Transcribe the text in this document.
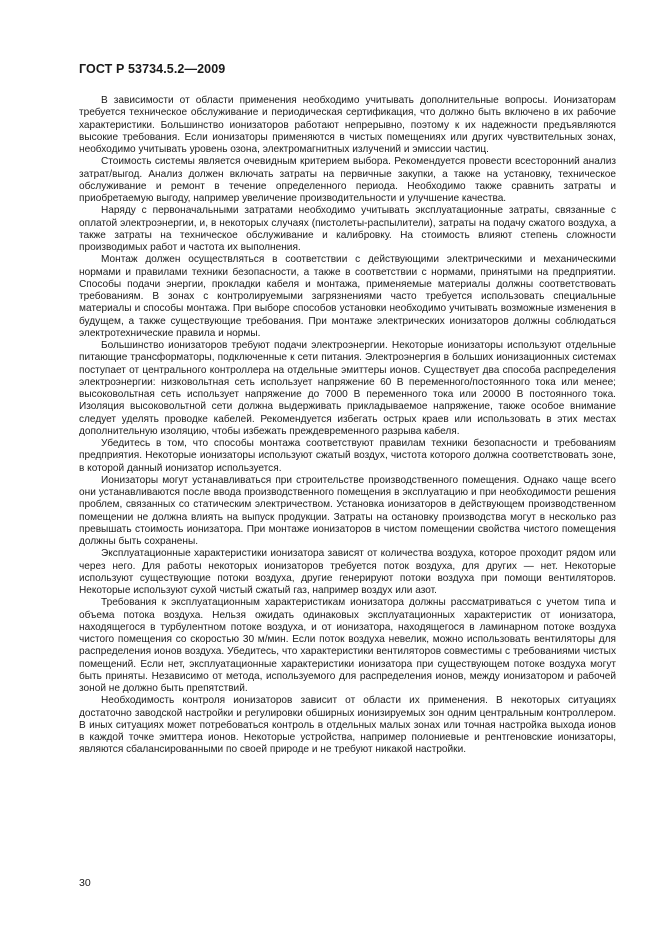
ГОСТ Р 53734.5.2—2009

В зависимости от области применения необходимо учитывать дополнительные вопросы. Ионизаторам требуется техническое обслуживание и периодическая сертификация, что должно быть включено в их рабочие характеристики. Большинство ионизаторов работают непрерывно, поэтому к их надежности предъявляются высокие требования. Если ионизаторы применяются в чистых помещениях или других чувствительных зонах, необходимо учитывать уровень озона, электромагнитных излучений и эмиссии частиц.

Стоимость системы является очевидным критерием выбора. Рекомендуется провести всесторонний анализ затрат/выгод. Анализ должен включать затраты на первичные закупки, а также на установку, техническое обслуживание и ремонт в течение определенного периода. Необходимо также сравнить затраты и приобретаемую выгоду, например увеличение производительности и улучшение качества.

Наряду с первоначальными затратами необходимо учитывать эксплуатационные затраты, связанные с оплатой электроэнергии, и, в некоторых случаях (пистолеты-распылители), затраты на подачу сжатого воздуха, а также затраты на техническое обслуживание и калибровку. На стоимость влияют степень сложности производимых работ и частота их выполнения.

Монтаж должен осуществляться в соответствии с действующими электрическими и механическими нормами и правилами техники безопасности, а также в соответствии с нормами, принятыми на предприятии. Способы подачи энергии, прокладки кабеля и монтажа, применяемые материалы должны соответствовать требованиям. В зонах с контролируемыми загрязнениями часто требуется использовать специальные материалы и способы монтажа. При выборе способов установки необходимо учитывать возможные изменения в будущем, а также существующие требования. При монтаже электрических ионизаторов должны соблюдаться электротехнические правила и нормы.

Большинство ионизаторов требуют подачи электроэнергии. Некоторые ионизаторы используют отдельные питающие трансформаторы, подключенные к сети питания. Электроэнергия в больших ионизационных системах поступает от центрального контроллера на отдельные эмиттеры ионов. Существует два способа распределения электроэнергии: низковольтная сеть использует напряжение 60 В переменного/постоянного тока или менее; высоковольтная сеть использует напряжение до 7000 В переменного тока или 20000 В постоянного тока. Изоляция высоковольтной сети должна выдерживать прикладываемое напряжение, также особое внимание следует уделять проводке кабелей. Рекомендуется избегать острых краев или использовать в этих местах дополнительную изоляцию, чтобы избежать преждевременного разрыва кабеля.

Убедитесь в том, что способы монтажа соответствуют правилам техники безопасности и требованиям предприятия. Некоторые ионизаторы используют сжатый воздух, чистота которого должна соответствовать зоне, в которой данный ионизатор используется.

Ионизаторы могут устанавливаться при строительстве производственного помещения. Однако чаще всего они устанавливаются после ввода производственного помещения в эксплуатацию и при необходимости решения проблем, связанных со статическим электричеством. Установка ионизаторов в действующем производственном помещении не должна влиять на выпуск продукции. Затраты на остановку производства могут в несколько раз превышать стоимость ионизатора. При монтаже ионизаторов в чистом помещении свойства чистого помещения должны быть сохранены.

Эксплуатационные характеристики ионизатора зависят от количества воздуха, которое проходит рядом или через него. Для работы некоторых ионизаторов требуется поток воздуха, для других — нет. Некоторые используют существующие потоки воздуха, другие генерируют потоки воздуха при помощи вентиляторов. Некоторые используют сухой чистый сжатый газ, например воздух или азот.

Требования к эксплуатационным характеристикам ионизатора должны рассматриваться с учетом типа и объема потока воздуха. Нельзя ожидать одинаковых эксплуатационных характеристик от ионизатора, находящегося в турбулентном потоке воздуха, и от ионизатора, находящегося в ламинарном потоке воздуха чистого помещения со скоростью 30 м/мин. Если поток воздуха невелик, можно использовать вентиляторы для распределения ионов воздуха. Убедитесь, что характеристики вентиляторов совместимы с требованиями чистых помещений. Если нет, эксплуатационные характеристики ионизатора при существующем потоке воздуха могут быть приняты. Независимо от метода, используемого для распределения ионов, между ионизатором и рабочей зоной не должно быть препятствий.

Необходимость контроля ионизаторов зависит от области их применения. В некоторых ситуациях достаточно заводской настройки и регулировки обширных ионизируемых зон одним центральным контроллером. В иных ситуациях может потребоваться контроль в отдельных малых зонах или точная настройка выхода ионов в каждой точке эмиттера ионов. Некоторые устройства, например полониевые и рентгеновские ионизаторы, являются сбалансированными по своей природе и не требуют никакой настройки.

30
